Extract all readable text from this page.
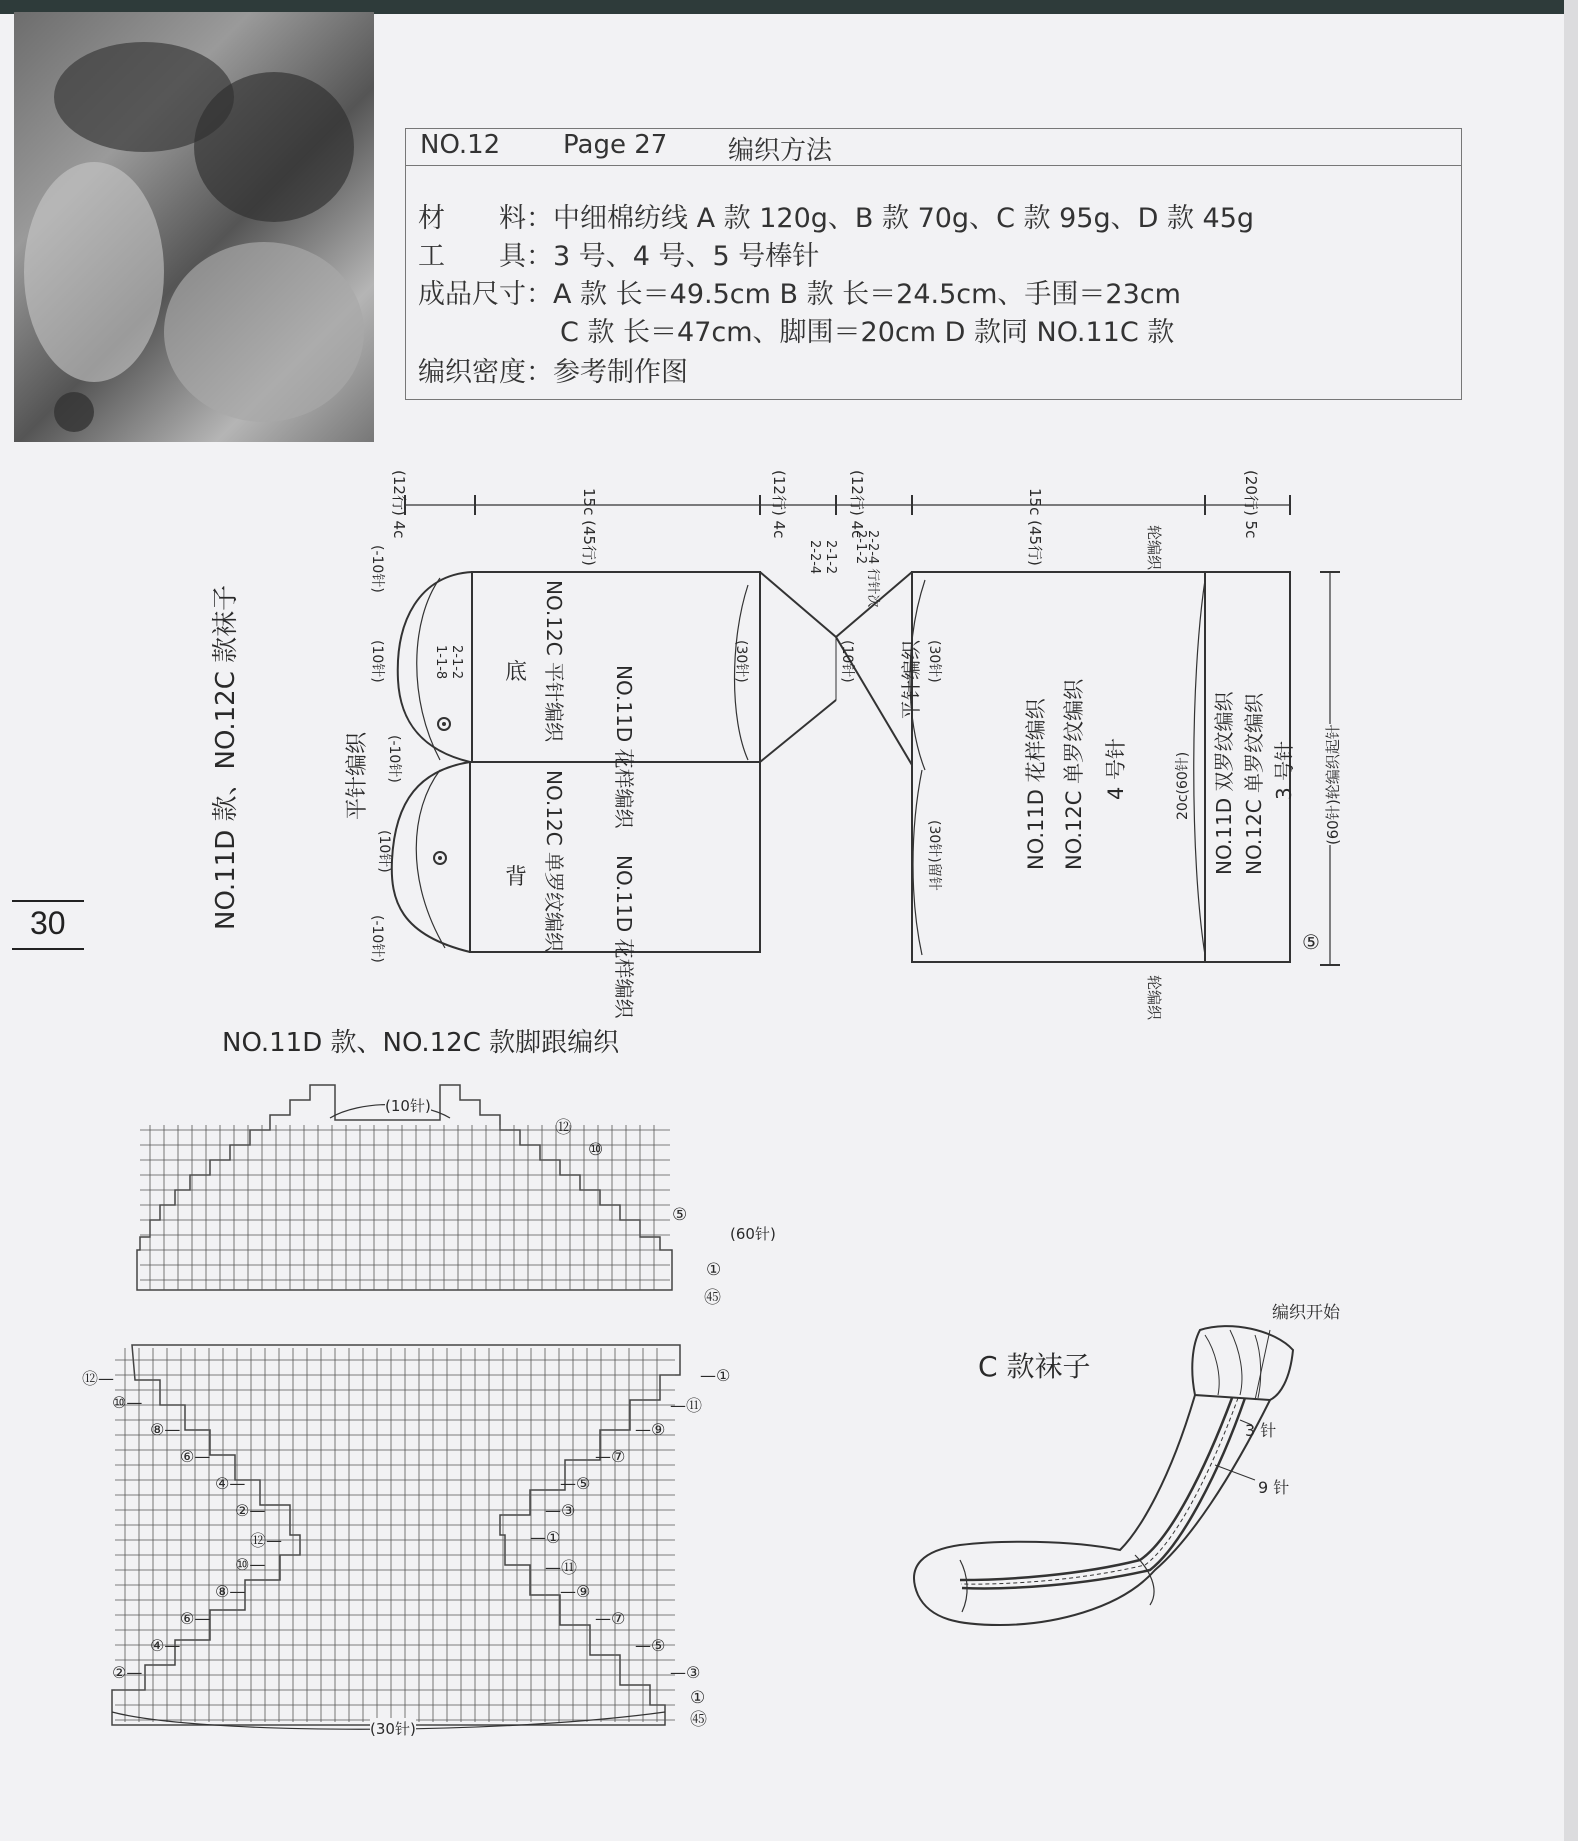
NO.12 Page 27 编织方法
材　　料：中细棉纺线 A 款 120g、B 款 70g、C 款 95g、D 款 45g
工　　具：3 号、4 号、5 号棒针
成品尺寸：A 款 长＝49.5cm B 款 长＝24.5cm、手围＝23cm
C 款 长＝47cm、脚围＝20cm D 款同 NO.11C 款
编织密度：参考制作图
30	NO.11D 款、NO.12C 款袜子
(12行) 4c	15c (45行)	(12行) 4c	(12行) 4c	15c (45行)	(20行) 5c
平针编织
(-10针)
(10针)
(-10针)
(10针)
(-10针)
1-1-8 2-1-2 底
背
NO.12C 平针编织
NO.11D 花样编织
NO.12C 单罗纹编织 NO.11D 花样编织
2-2-4 2-1-2 2-1-2
2-2-4 行针次
平针编织
(30针)	(10针)	(30针)
(30针)留针
轮编织
轮编织
NO.11D 花样编织 NO.12C 单罗纹编织 4 号针	20c(60针) NO.11D 双罗纹编织 NO.12C 单罗纹编织 3 号针 (60针)轮编织起针
⑤
NO.11D 款、NO.12C 款脚跟编织
(10针)
(60针)
⑫
⑩
⑤
①
㊺
(30针)
⑫—
⑩—
⑧—
⑥—
④—
②—
⑫—
⑩—
⑧—
⑥—
④—
②—
—①
—⑪
—⑨
—⑦
—⑤
—③
—①
—⑪
—⑨
—⑦
—⑤
—③
①
㊺
C 款袜子
编织开始
3 针
9 针
